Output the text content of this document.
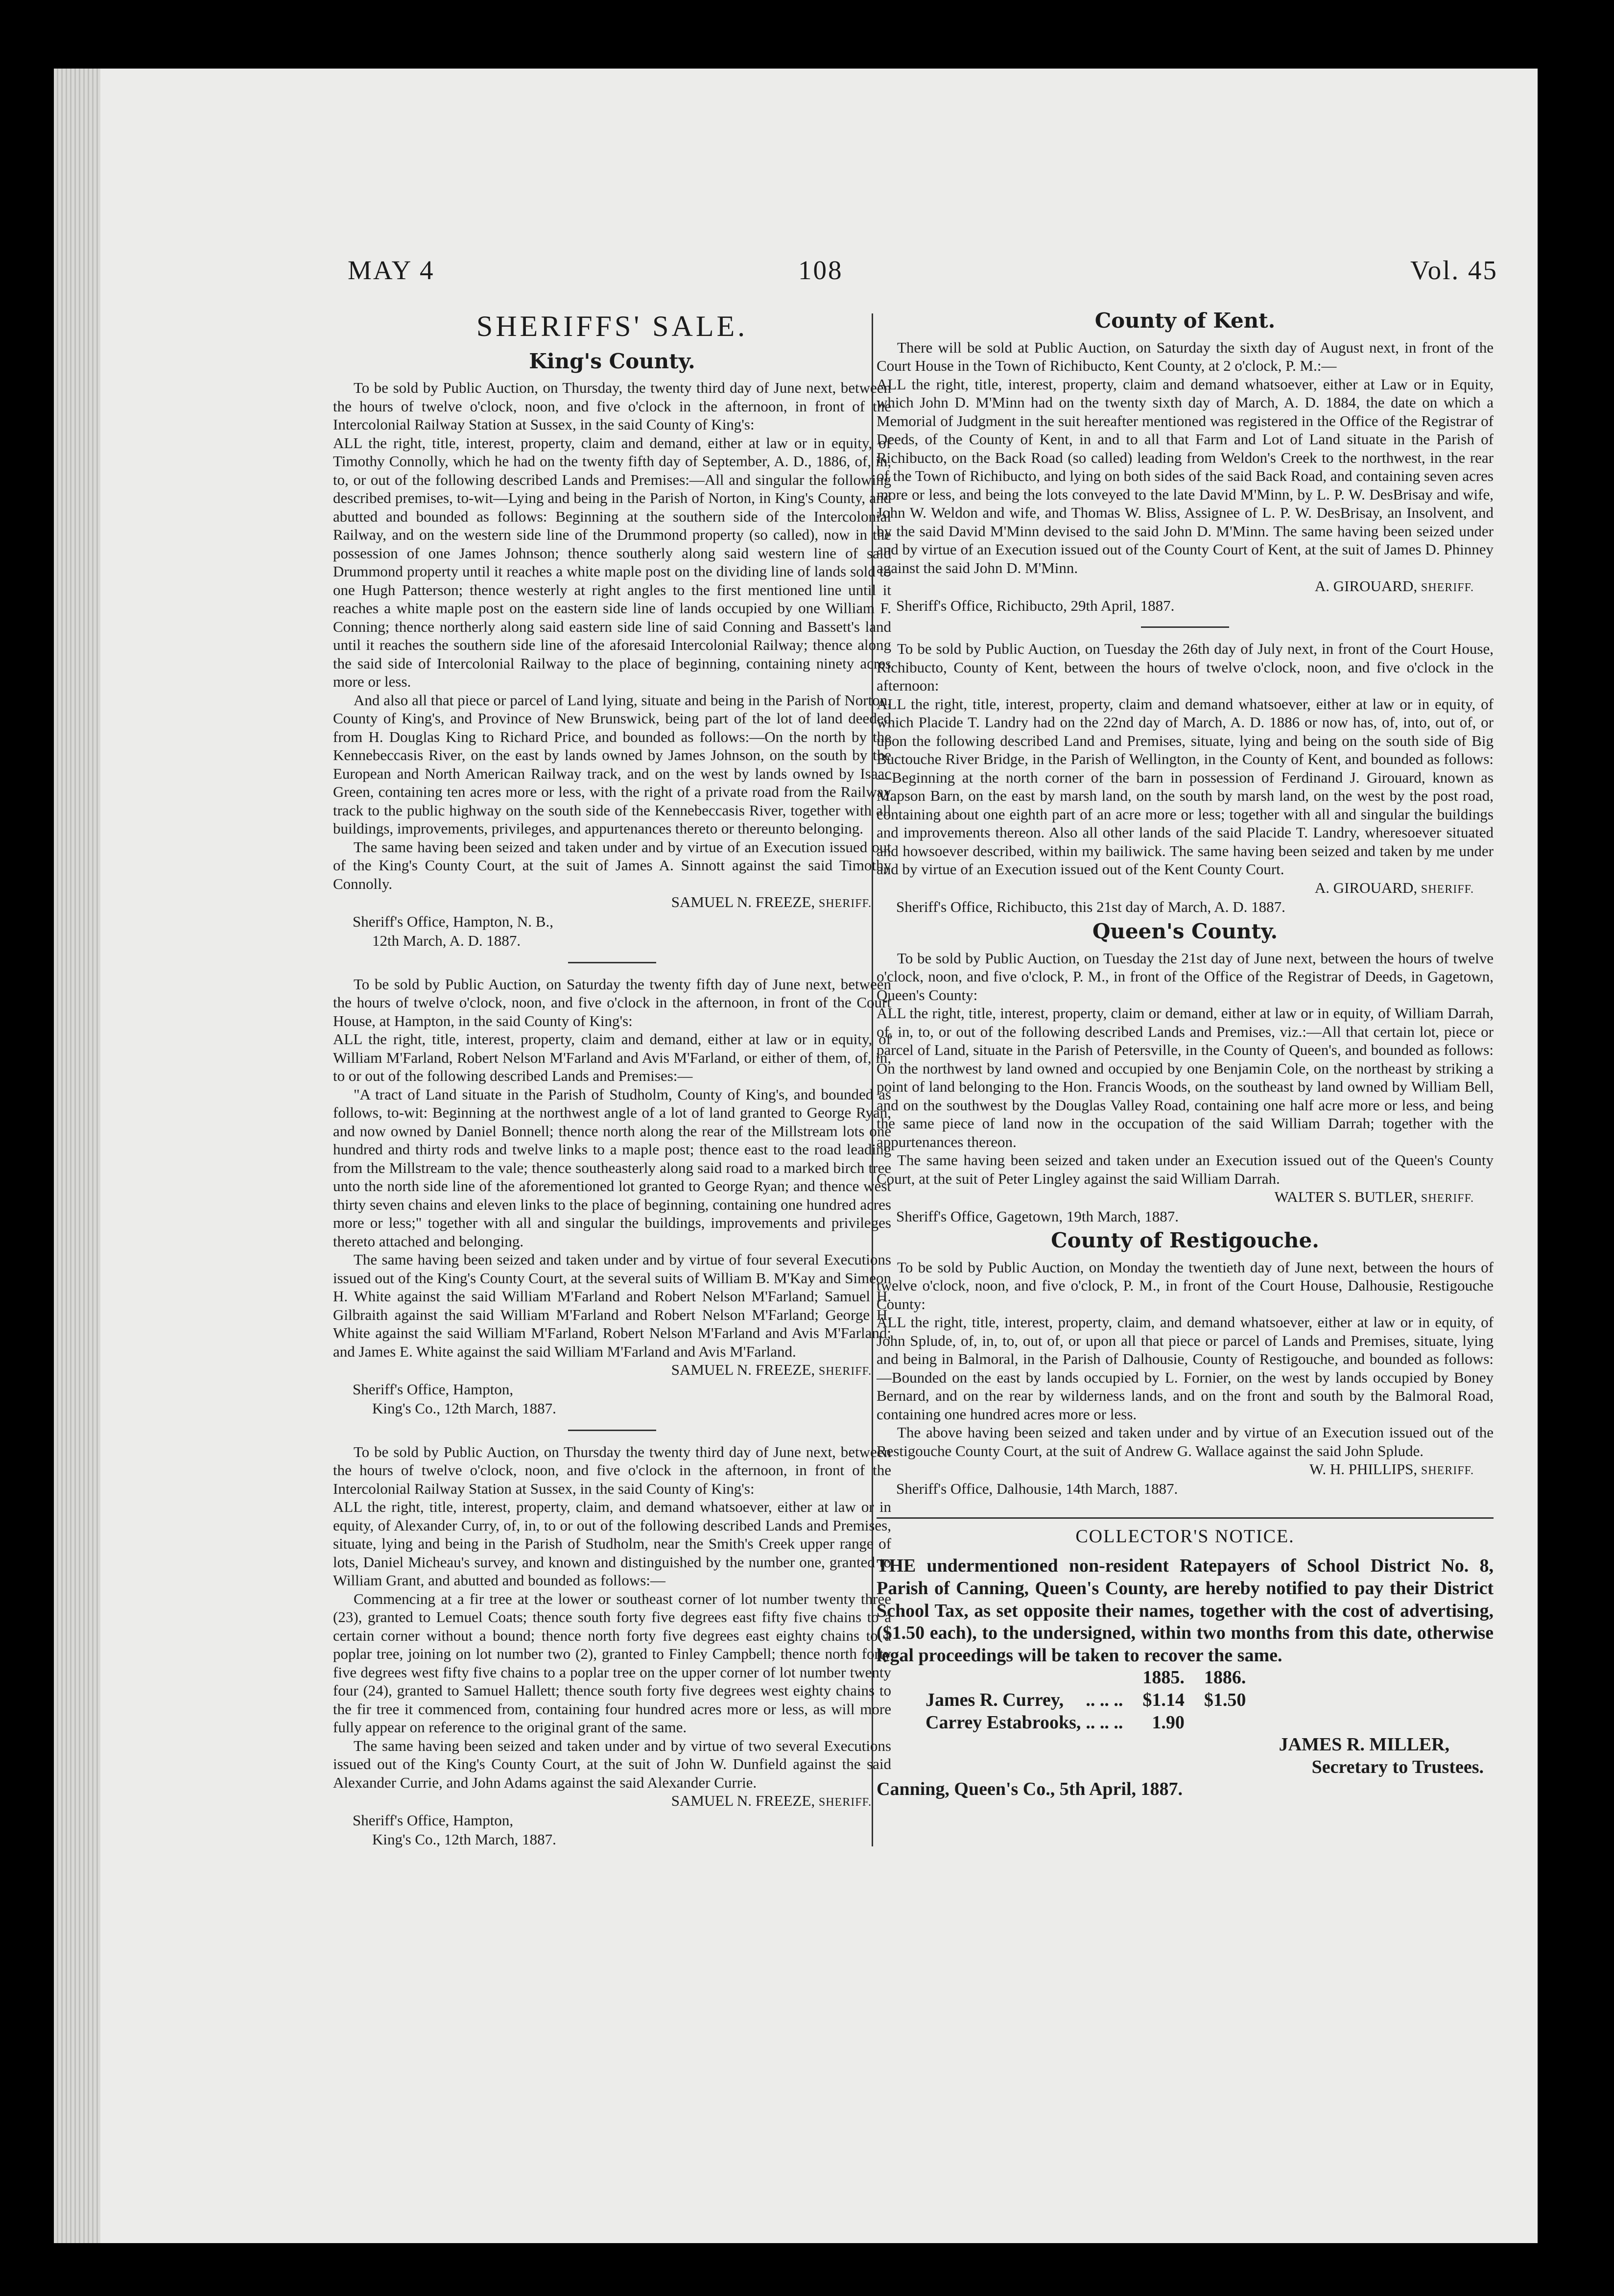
MAY 4	108	Vol. 45
SHERIFFS' SALE.
King's County.

To be sold by Public Auction, on Thursday, the twenty third day of June next, between the hours of twelve o'clock, noon, and five o'clock in the afternoon, in front of the Intercolonial Railway Station at Sussex, in the said County of King's:

ALL the right, title, interest, property, claim and demand, either at law or in equity, of Timothy Connolly, which he had on the twenty fifth day of September, A. D., 1886, of, in, to, or out of the following described Lands and Premises:—All and singular the following described premises, to-wit—Lying and being in the Parish of Norton, in King's County, and abutted and bounded as follows: Beginning at the southern side of the Intercolonial Railway, and on the western side line of the Drummond property (so called), now in the possession of one James Johnson; thence southerly along said western line of said Drummond property until it reaches a white maple post on the dividing line of lands sold to one Hugh Patterson; thence westerly at right angles to the first mentioned line until it reaches a white maple post on the eastern side line of lands occupied by one William F. Conning; thence northerly along said eastern side line of said Conning and Bassett's land until it reaches the southern side line of the aforesaid Intercolonial Railway; thence along the said side of Intercolonial Railway to the place of beginning, containing ninety acres more or less.

And also all that piece or parcel of Land lying, situate and being in the Parish of Norton, County of King's, and Province of New Brunswick, being part of the lot of land deeded from H. Douglas King to Richard Price, and bounded as follows:—On the north by the Kennebeccasis River, on the east by lands owned by James Johnson, on the south by the European and North American Railway track, and on the west by lands owned by Isaac Green, containing ten acres more or less, with the right of a private road from the Railway track to the public highway on the south side of the Kennebeccasis River, together with all buildings, improvements, privileges, and appurtenances thereto or thereunto belonging.

The same having been seized and taken under and by virtue of an Execution issued out of the King's County Court, at the suit of James A. Sinnott against the said Timothy Connolly.

SAMUEL N. FREEZE, SHERIFF.
Sheriff's Office, Hampton, N. B.,
12th March, A. D. 1887.

To be sold by Public Auction, on Saturday the twenty fifth day of June next, between the hours of twelve o'clock, noon, and five o'clock in the afternoon, in front of the Court House, at Hampton, in the said County of King's:

ALL the right, title, interest, property, claim and demand, either at law or in equity, of William M'Farland, Robert Nelson M'Farland and Avis M'Farland, or either of them, of, in, to or out of the following described Lands and Premises:—

"A tract of Land situate in the Parish of Studholm, County of King's, and bounded as follows, to-wit: Beginning at the northwest angle of a lot of land granted to George Ryan, and now owned by Daniel Bonnell; thence north along the rear of the Millstream lots one hundred and thirty rods and twelve links to a maple post; thence east to the road leading from the Millstream to the vale; thence southeasterly along said road to a marked birch tree unto the north side line of the aforementioned lot granted to George Ryan; and thence west thirty seven chains and eleven links to the place of beginning, containing one hundred acres more or less;" together with all and singular the buildings, improvements and privileges thereto attached and belonging.

The same having been seized and taken under and by virtue of four several Executions issued out of the King's County Court, at the several suits of William B. M'Kay and Simeon H. White against the said William M'Farland and Robert Nelson M'Farland; Samuel H. Gilbraith against the said William M'Farland and Robert Nelson M'Farland; George H. White against the said William M'Farland, Robert Nelson M'Farland and Avis M'Farland; and James E. White against the said William M'Farland and Avis M'Farland.

SAMUEL N. FREEZE, SHERIFF.
Sheriff's Office, Hampton,
King's Co., 12th March, 1887.

To be sold by Public Auction, on Thursday the twenty third day of June next, between the hours of twelve o'clock, noon, and five o'clock in the afternoon, in front of the Intercolonial Railway Station at Sussex, in the said County of King's:

ALL the right, title, interest, property, claim, and demand whatsoever, either at law or in equity, of Alexander Curry, of, in, to or out of the following described Lands and Premises, situate, lying and being in the Parish of Studholm, near the Smith's Creek upper range of lots, Daniel Micheau's survey, and known and distinguished by the number one, granted to William Grant, and abutted and bounded as follows:—

Commencing at a fir tree at the lower or southeast corner of lot number twenty three (23), granted to Lemuel Coats; thence south forty five degrees east fifty five chains to a certain corner without a bound; thence north forty five degrees east eighty chains to a poplar tree, joining on lot number two (2), granted to Finley Campbell; thence north forty five degrees west fifty five chains to a poplar tree on the upper corner of lot number twenty four (24), granted to Samuel Hallett; thence south forty five degrees west eighty chains to the fir tree it commenced from, containing four hundred acres more or less, as will more fully appear on reference to the original grant of the same.

The same having been seized and taken under and by virtue of two several Executions issued out of the King's County Court, at the suit of John W. Dunfield against the said Alexander Currie, and John Adams against the said Alexander Currie.

SAMUEL N. FREEZE, SHERIFF.
Sheriff's Office, Hampton,
King's Co., 12th March, 1887.
County of Kent.

There will be sold at Public Auction, on Saturday the sixth day of August next, in front of the Court House in the Town of Richibucto, Kent County, at 2 o'clock, P. M.:—

ALL the right, title, interest, property, claim and demand whatsoever, either at Law or in Equity, which John D. M'Minn had on the twenty sixth day of March, A. D. 1884, the date on which a Memorial of Judgment in the suit hereafter mentioned was registered in the Office of the Registrar of Deeds, of the County of Kent, in and to all that Farm and Lot of Land situate in the Parish of Richibucto, on the Back Road (so called) leading from Weldon's Creek to the northwest, in the rear of the Town of Richibucto, and lying on both sides of the said Back Road, and containing seven acres more or less, and being the lots conveyed to the late David M'Minn, by L. P. W. DesBrisay and wife, John W. Weldon and wife, and Thomas W. Bliss, Assignee of L. P. W. DesBrisay, an Insolvent, and by the said David M'Minn devised to the said John D. M'Minn. The same having been seized under and by virtue of an Execution issued out of the County Court of Kent, at the suit of James D. Phinney against the said John D. M'Minn.

A. GIROUARD, SHERIFF.
Sheriff's Office, Richibucto, 29th April, 1887.

To be sold by Public Auction, on Tuesday the 26th day of July next, in front of the Court House, Richibucto, County of Kent, between the hours of twelve o'clock, noon, and five o'clock in the afternoon:

ALL the right, title, interest, property, claim and demand whatsoever, either at law or in equity, of which Placide T. Landry had on the 22nd day of March, A. D. 1886 or now has, of, into, out of, or upon the following described Land and Premises, situate, lying and being on the south side of Big Buctouche River Bridge, in the Parish of Wellington, in the County of Kent, and bounded as follows:—Beginning at the north corner of the barn in possession of Ferdinand J. Girouard, known as Mapson Barn, on the east by marsh land, on the south by marsh land, on the west by the post road, containing about one eighth part of an acre more or less; together with all and singular the buildings and improvements thereon. Also all other lands of the said Placide T. Landry, wheresoever situated and howsoever described, within my bailiwick. The same having been seized and taken by me under and by virtue of an Execution issued out of the Kent County Court.

A. GIROUARD, SHERIFF.
Sheriff's Office, Richibucto, this 21st day of March, A. D. 1887.
Queen's County.

To be sold by Public Auction, on Tuesday the 21st day of June next, between the hours of twelve o'clock, noon, and five o'clock, P. M., in front of the Office of the Registrar of Deeds, in Gagetown, Queen's County:

ALL the right, title, interest, property, claim or demand, either at law or in equity, of William Darrah, of, in, to, or out of the following described Lands and Premises, viz.:—All that certain lot, piece or parcel of Land, situate in the Parish of Petersville, in the County of Queen's, and bounded as follows: On the northwest by land owned and occupied by one Benjamin Cole, on the northeast by striking a point of land belonging to the Hon. Francis Woods, on the southeast by land owned by William Bell, and on the southwest by the Douglas Valley Road, containing one half acre more or less, and being the same piece of land now in the occupation of the said William Darrah; together with the appurtenances thereon.

The same having been seized and taken under an Execution issued out of the Queen's County Court, at the suit of Peter Lingley against the said William Darrah.

WALTER S. BUTLER, SHERIFF.
Sheriff's Office, Gagetown, 19th March, 1887.
County of Restigouche.

To be sold by Public Auction, on Monday the twentieth day of June next, between the hours of twelve o'clock, noon, and five o'clock, P. M., in front of the Court House, Dalhousie, Restigouche County:

ALL the right, title, interest, property, claim, and demand whatsoever, either at law or in equity, of John Splude, of, in, to, out of, or upon all that piece or parcel of Lands and Premises, situate, lying and being in Balmoral, in the Parish of Dalhousie, County of Restigouche, and bounded as follows:—Bounded on the east by lands occupied by L. Fornier, on the west by lands occupied by Boney Bernard, and on the rear by wilderness lands, and on the front and south by the Balmoral Road, containing one hundred acres more or less.

The above having been seized and taken under and by virtue of an Execution issued out of the Restigouche County Court, at the suit of Andrew G. Wallace against the said John Splude.

W. H. PHILLIPS, SHERIFF.
Sheriff's Office, Dalhousie, 14th March, 1887.
COLLECTOR'S NOTICE.

THE undermentioned non-resident Ratepayers of School District No. 8, Parish of Canning, Queen's County, are hereby notified to pay their District School Tax, as set opposite their names, together with the cost of advertising, ($1.50 each), to the undersigned, within two months from this date, otherwise legal proceedings will be taken to recover the same.

		1885.	1886.
James R. Currey,	.. .. ..	$1.14	$1.50
Carrey Estabrooks,	.. .. ..	1.90	
JAMES R. MILLER,
Secretary to Trustees.
Canning, Queen's Co., 5th April, 1887.
